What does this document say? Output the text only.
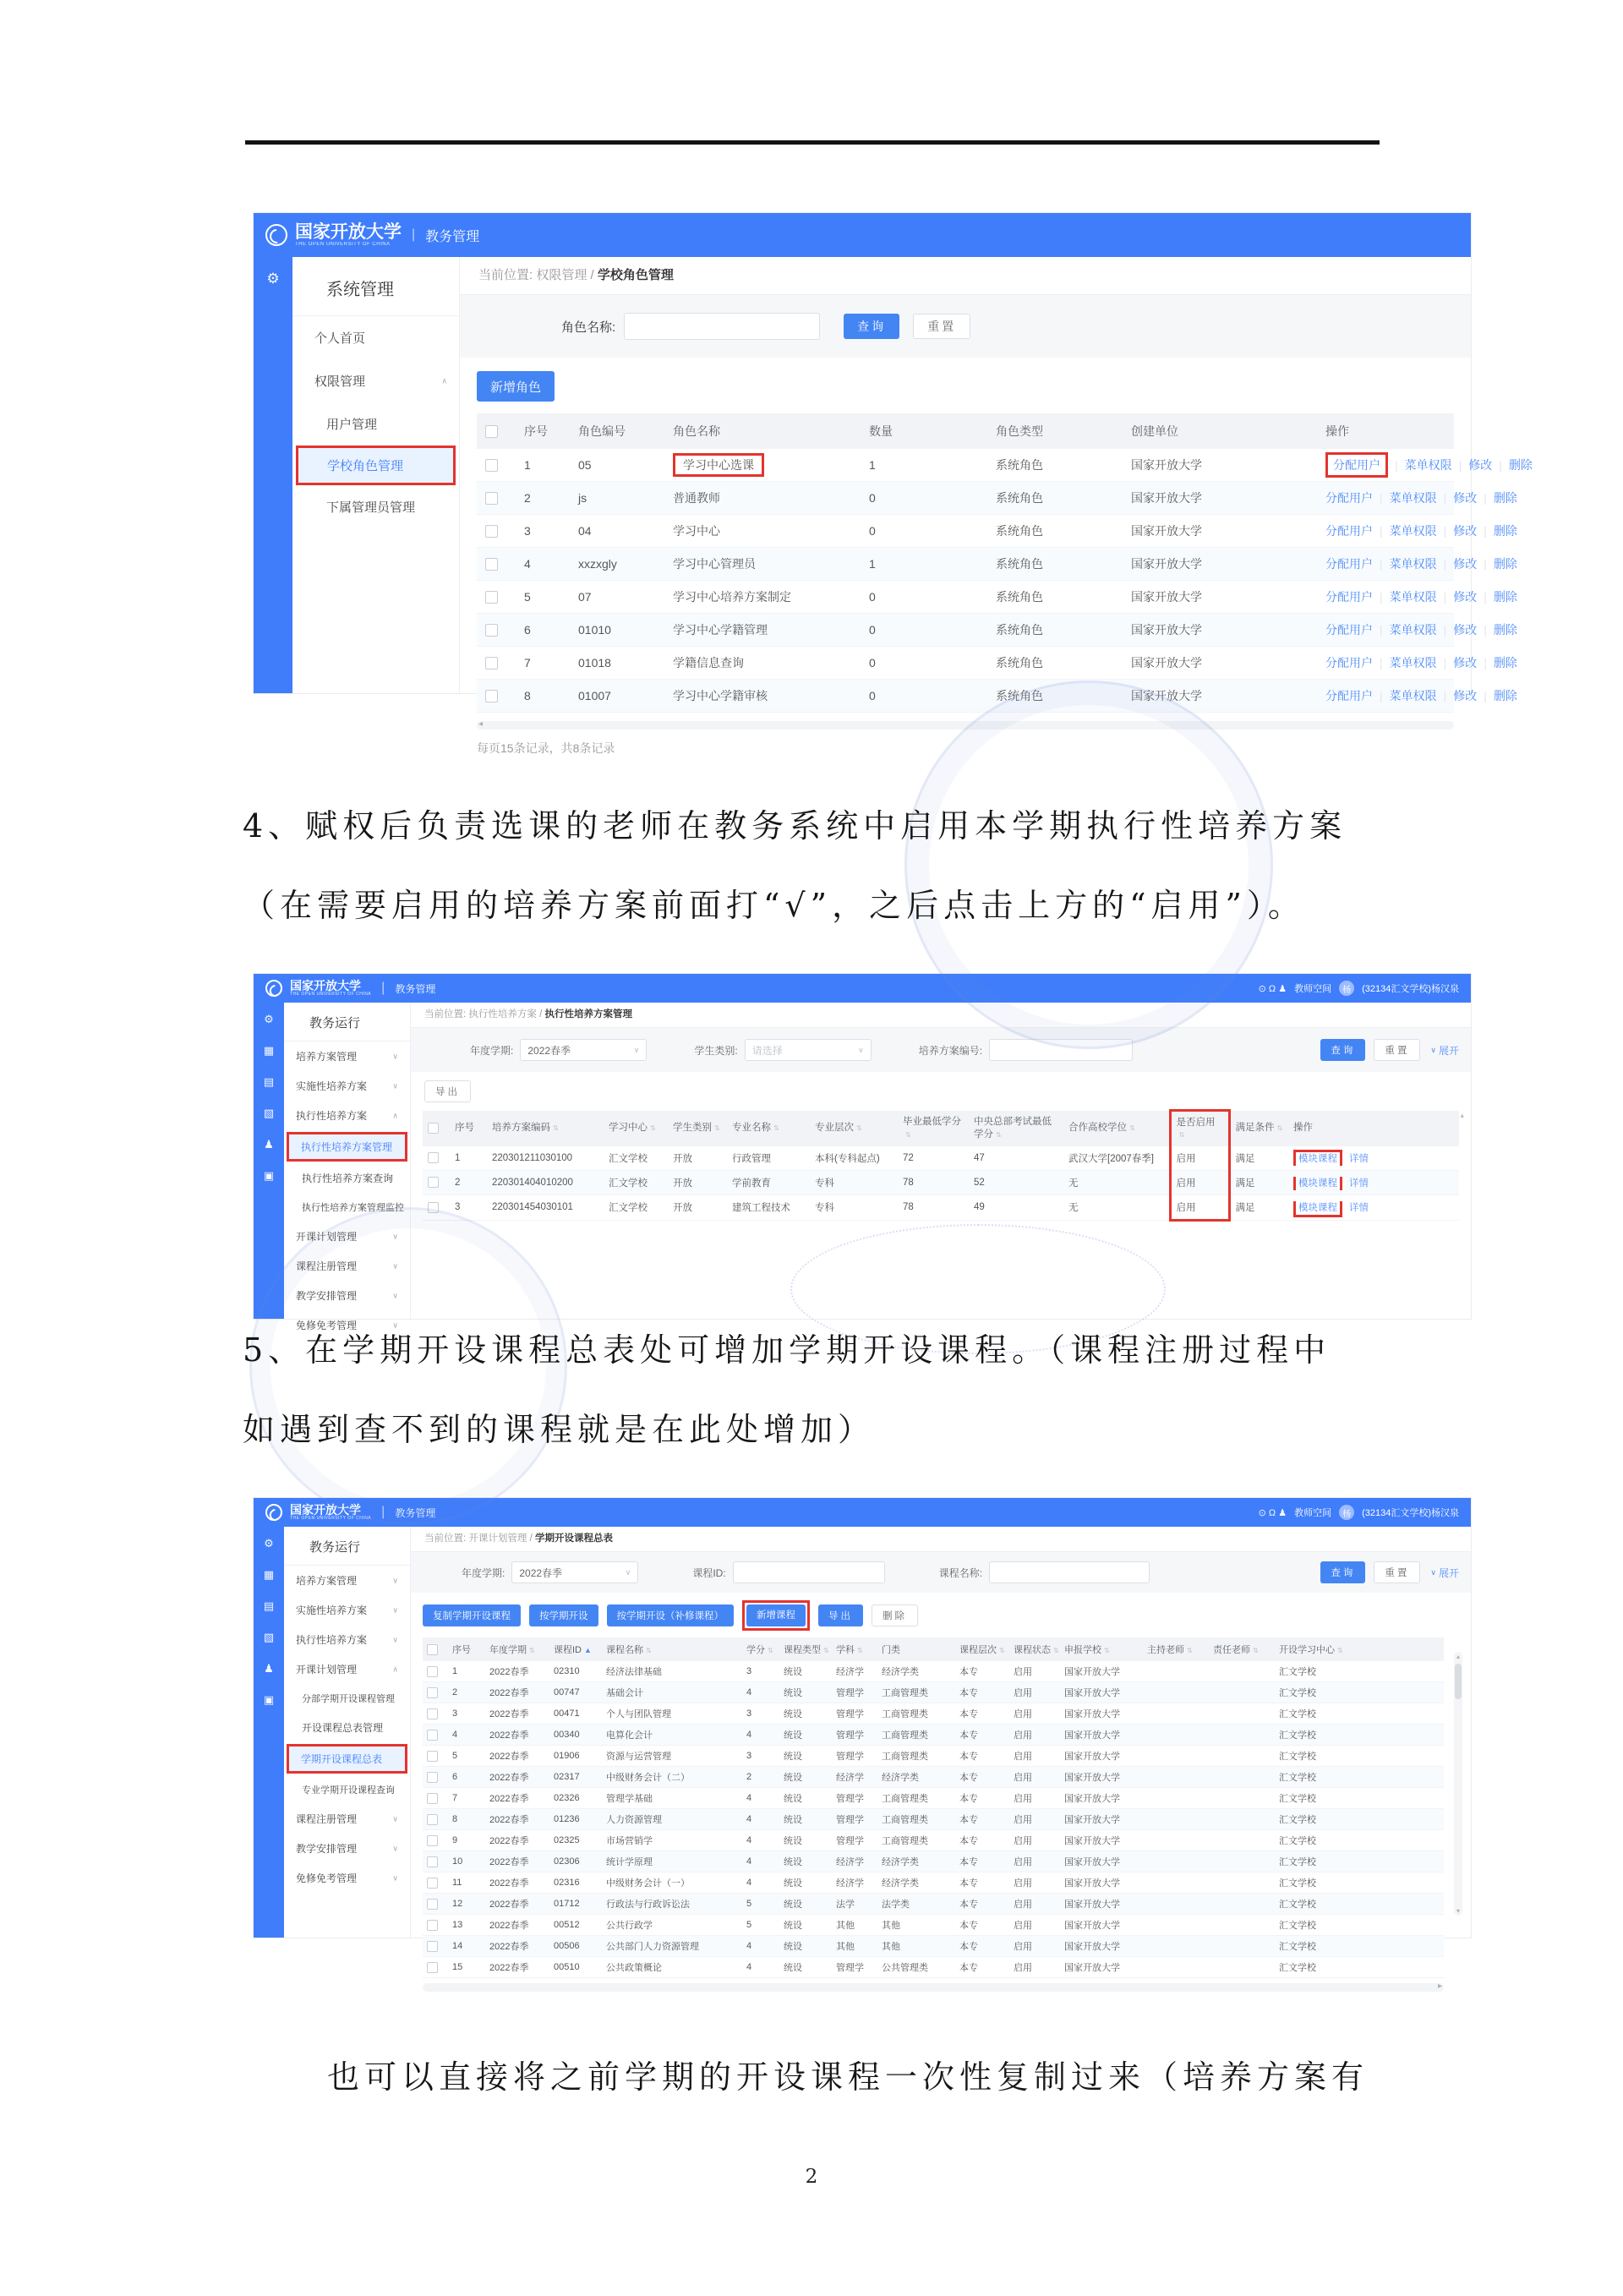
国家开放大学
THE OPEN UNIVERSITY OF CHINA
| 教务管理
⚙
系统管理
个人首页
权限管理	∧
用户管理
学校角色管理
下属管理员管理
当前位置: 权限管理 / 学校角色管理
角色名称:	查询	重置
新增角色
	序号	角色编号	角色名称	数量	角色类型	创建单位	操作

	1	05	学习中心选课	1	系统角色	国家开放大学	分配用户 | 菜单权限 | 修改 | 删除

	2	js	普通教师	0	系统角色	国家开放大学	分配用户 | 菜单权限 | 修改 | 删除

	3	04	学习中心	0	系统角色	国家开放大学	分配用户 | 菜单权限 | 修改 | 删除

	4	xxzxgly	学习中心管理员	1	系统角色	国家开放大学	分配用户 | 菜单权限 | 修改 | 删除

	5	07	学习中心培养方案制定	0	系统角色	国家开放大学	分配用户 | 菜单权限 | 修改 | 删除

	6	01010	学习中心学籍管理	0	系统角色	国家开放大学	分配用户 | 菜单权限 | 修改 | 删除

	7	01018	学籍信息查询	0	系统角色	国家开放大学	分配用户 | 菜单权限 | 修改 | 删除

	8	01007	学习中心学籍审核	0	系统角色	国家开放大学	分配用户 | 菜单权限 | 修改 | 删除
◂
每页15条记录，共8条记录
4、赋权后负责选课的老师在教务系统中启用本学期执行性培养方案
（在需要启用的培养方案前面打“√”，之后点击上方的“启用”）。
国家开放大学
THE OPEN UNIVERSITY OF CHINA | 教务管理	⊙ Ω ♟ 教师空间	杨	(32134汇文学校)杨汉泉
⚙
▦
▤
▧
♟
▣
教务运行
培养方案管理	∨
实施性培养方案	∨
执行性培养方案	∧
执行性培养方案管理
执行性培养方案查询
执行性培养方案管理监控
开课计划管理	∨
课程注册管理	∨
教学安排管理	∨
免修免考管理	∨
当前位置: 执行性培养方案 / 执行性培养方案管理
年度学期: 2022春季	∨	学生类别: 请选择	∨	培养方案编号:	查询	重置	∨ 展开
导出
	序号	培养方案编码 ⇅	学习中心 ⇅	学生类别 ⇅	专业名称 ⇅	专业层次 ⇅	毕业最低学分⇅	中央总部考试最低学分 ⇅	合作高校学位 ⇅	是否启用⇅	满足条件 ⇅	操作

	1	220301211030100	汇文学校	开放	行政管理	本科(专科起点)	72	47	武汉大学[2007春季]	启用	满足	模块课程 详情

	2	220301404010200	汇文学校	开放	学前教育	专科	78	52	无	启用	满足	模块课程 详情

	3	220301454030101	汇文学校	开放	建筑工程技术	专科	78	49	无	启用	满足	模块课程 详情
▴
5、在学期开设课程总表处可增加学期开设课程。（课程注册过程中
如遇到查不到的课程就是在此处增加）
国家开放大学
THE OPEN UNIVERSITY OF CHINA | 教务管理	⊙ Ω ♟ 教师空间	杨	(32134汇文学校)杨汉泉
⚙
▦
▤
▧
♟
▣
教务运行
培养方案管理	∨
实施性培养方案	∨
执行性培养方案	∨
开课计划管理	∧
分部学期开设课程管理
开设课程总表管理
学期开设课程总表
专业学期开设课程查询
课程注册管理	∨
教学安排管理	∨
免修免考管理	∨
当前位置: 开课计划管理 / 学期开设课程总表
年度学期: 2022春季	∨	课程ID:	课程名称:	查询	重置	∨ 展开
复制学期开设课程	按学期开设	按学期开设（补修课程）	新增课程	导出	删除
	序号	年度学期 ⇅	课程ID ▲	课程名称 ⇅	学分 ⇅	课程类型 ⇅	学科 ⇅	门类	课程层次 ⇅	课程状态 ⇅	申报学校 ⇅	主持老师 ⇅	责任老师 ⇅	开设学习中心 ⇅

	1	2022春季	02310	经济法律基础	3	统设	经济学	经济学类	本专	启用	国家开放大学			汇文学校

	2	2022春季	00747	基础会计	4	统设	管理学	工商管理类	本专	启用	国家开放大学			汇文学校

	3	2022春季	00471	个人与团队管理	3	统设	管理学	工商管理类	本专	启用	国家开放大学			汇文学校

	4	2022春季	00340	电算化会计	4	统设	管理学	工商管理类	本专	启用	国家开放大学			汇文学校

	5	2022春季	01906	资源与运营管理	3	统设	管理学	工商管理类	本专	启用	国家开放大学			汇文学校

	6	2022春季	02317	中级财务会计（二）	2	统设	经济学	经济学类	本专	启用	国家开放大学			汇文学校

	7	2022春季	02326	管理学基础	4	统设	管理学	工商管理类	本专	启用	国家开放大学			汇文学校

	8	2022春季	01236	人力资源管理	4	统设	管理学	工商管理类	本专	启用	国家开放大学			汇文学校

	9	2022春季	02325	市场营销学	4	统设	管理学	工商管理类	本专	启用	国家开放大学			汇文学校

	10	2022春季	02306	统计学原理	4	统设	经济学	经济学类	本专	启用	国家开放大学			汇文学校

	11	2022春季	02316	中级财务会计（一）	4	统设	经济学	经济学类	本专	启用	国家开放大学			汇文学校

	12	2022春季	01712	行政法与行政诉讼法	5	统设	法学	法学类	本专	启用	国家开放大学			汇文学校

	13	2022春季	00512	公共行政学	5	统设	其他	其他	本专	启用	国家开放大学			汇文学校

	14	2022春季	00506	公共部门人力资源管理	4	统设	其他	其他	本专	启用	国家开放大学			汇文学校

	15	2022春季	00510	公共政策概论	4	统设	管理学	公共管理类	本专	启用	国家开放大学			汇文学校
▸
▴
▾
也可以直接将之前学期的开设课程一次性复制过来（培养方案有
2
